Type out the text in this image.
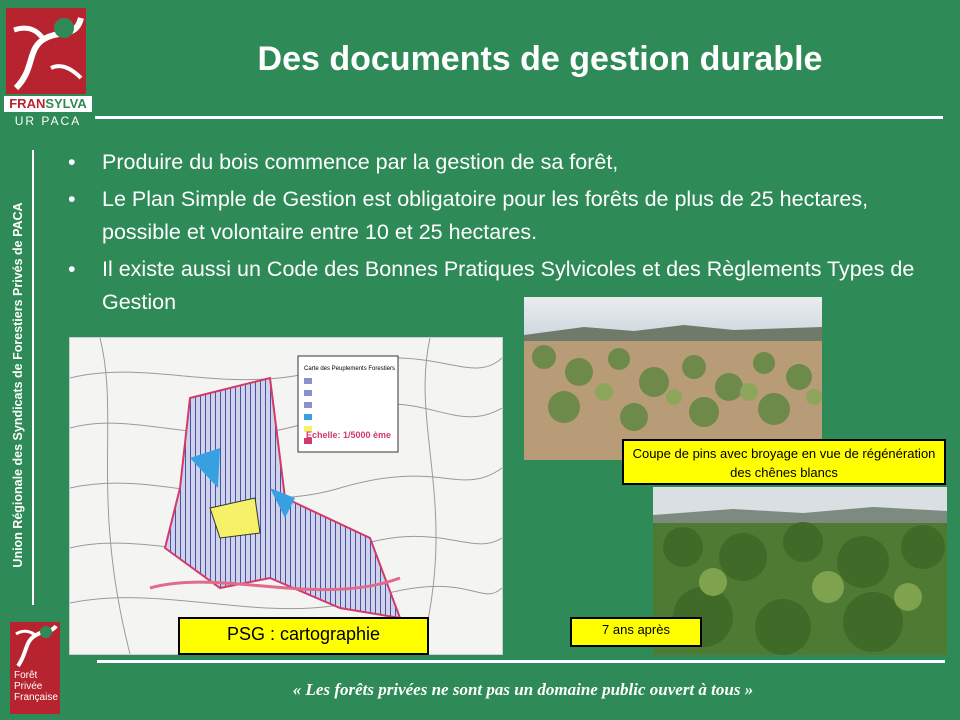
FRANSYLVA
UR PACA
Des documents de gestion durable
Union Régionale des Syndicats de Forestiers Privés de PACA
• Produire du bois commence par la gestion de sa forêt,
• Le Plan Simple de Gestion est obligatoire pour les forêts de plus de 25 hectares, possible et volontaire entre 10 et 25 hectares.
• Il existe aussi un Code des Bonnes Pratiques Sylvicoles et des Règlements Types de Gestion
Carte des Peuplements Forestiers
Echelle: 1/5000 ème
Coupe de pins avec broyage en vue de régénération des chênes blancs
PSG : cartographie	7 ans après
Forêt Privée Française	« Les forêts privées ne sont pas un domaine public ouvert à tous »
